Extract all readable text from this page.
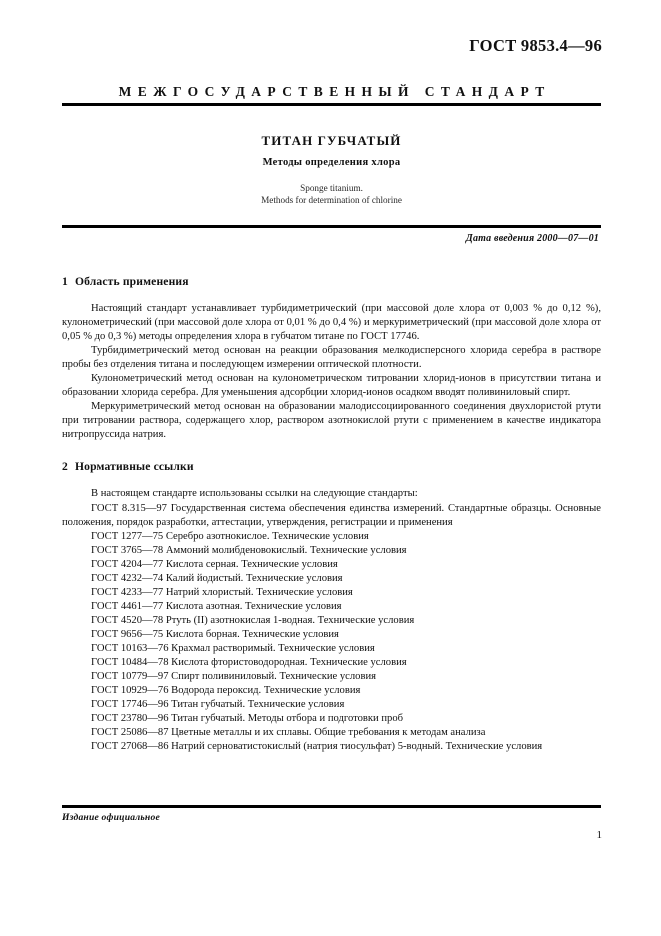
ГОСТ 9853.4—96
МЕЖГОСУДАРСТВЕННЫЙ СТАНДАРТ
ТИТАН ГУБЧАТЫЙ
Методы определения хлора
Sponge titanium.
Methods for determination of chlorine
Дата введения 2000—07—01
1 Область применения

Настоящий стандарт устанавливает турбидиметрический (при массовой доле хлора от 0,003 % до 0,12 %), кулонометрический (при массовой доле хлора от 0,01 % до 0,4 %) и меркуриметрический (при массовой доле хлора от 0,05 % до 0,3 %) методы определения хлора в губчатом титане по ГОСТ 17746.

Турбидиметрический метод основан на реакции образования мелкодисперсного хлорида серебра в растворе пробы без отделения титана и последующем измерении оптической плотности.

Кулонометрический метод основан на кулонометрическом титровании хлорид-ионов в присутствии титана и образовании хлорида серебра. Для уменьшения адсорбции хлорид-ионов осадком вводят поливиниловый спирт.

Меркуриметрический метод основан на образовании малодиссоциированного соединения двухлористой ртути при титровании раствора, содержащего хлор, раствором азотнокислой ртути с применением в качестве индикатора нитропруссида натрия.

2 Нормативные ссылки

В настоящем стандарте использованы ссылки на следующие стандарты:

ГОСТ 8.315—97 Государственная система обеспечения единства измерений. Стандартные образцы. Основные положения, порядок разработки, аттестации, утверждения, регистрации и применения
ГОСТ 1277—75 Серебро азотнокислое. Технические условия
ГОСТ 3765—78 Аммоний молибденовокислый. Технические условия
ГОСТ 4204—77 Кислота серная. Технические условия
ГОСТ 4232—74 Калий йодистый. Технические условия
ГОСТ 4233—77 Натрий хлористый. Технические условия
ГОСТ 4461—77 Кислота азотная. Технические условия
ГОСТ 4520—78 Ртуть (II) азотнокислая 1-водная. Технические условия
ГОСТ 9656—75 Кислота борная. Технические условия
ГОСТ 10163—76 Крахмал растворимый. Технические условия
ГОСТ 10484—78 Кислота фтористоводородная. Технические условия
ГОСТ 10779—97 Спирт поливиниловый. Технические условия
ГОСТ 10929—76 Водорода пероксид. Технические условия
ГОСТ 17746—96 Титан губчатый. Технические условия
ГОСТ 23780—96 Титан губчатый. Методы отбора и подготовки проб
ГОСТ 25086—87 Цветные металлы и их сплавы. Общие требования к методам анализа
ГОСТ 27068—86 Натрий серноватистокислый (натрия тиосульфат) 5-водный. Технические условия
Издание официальное
1
